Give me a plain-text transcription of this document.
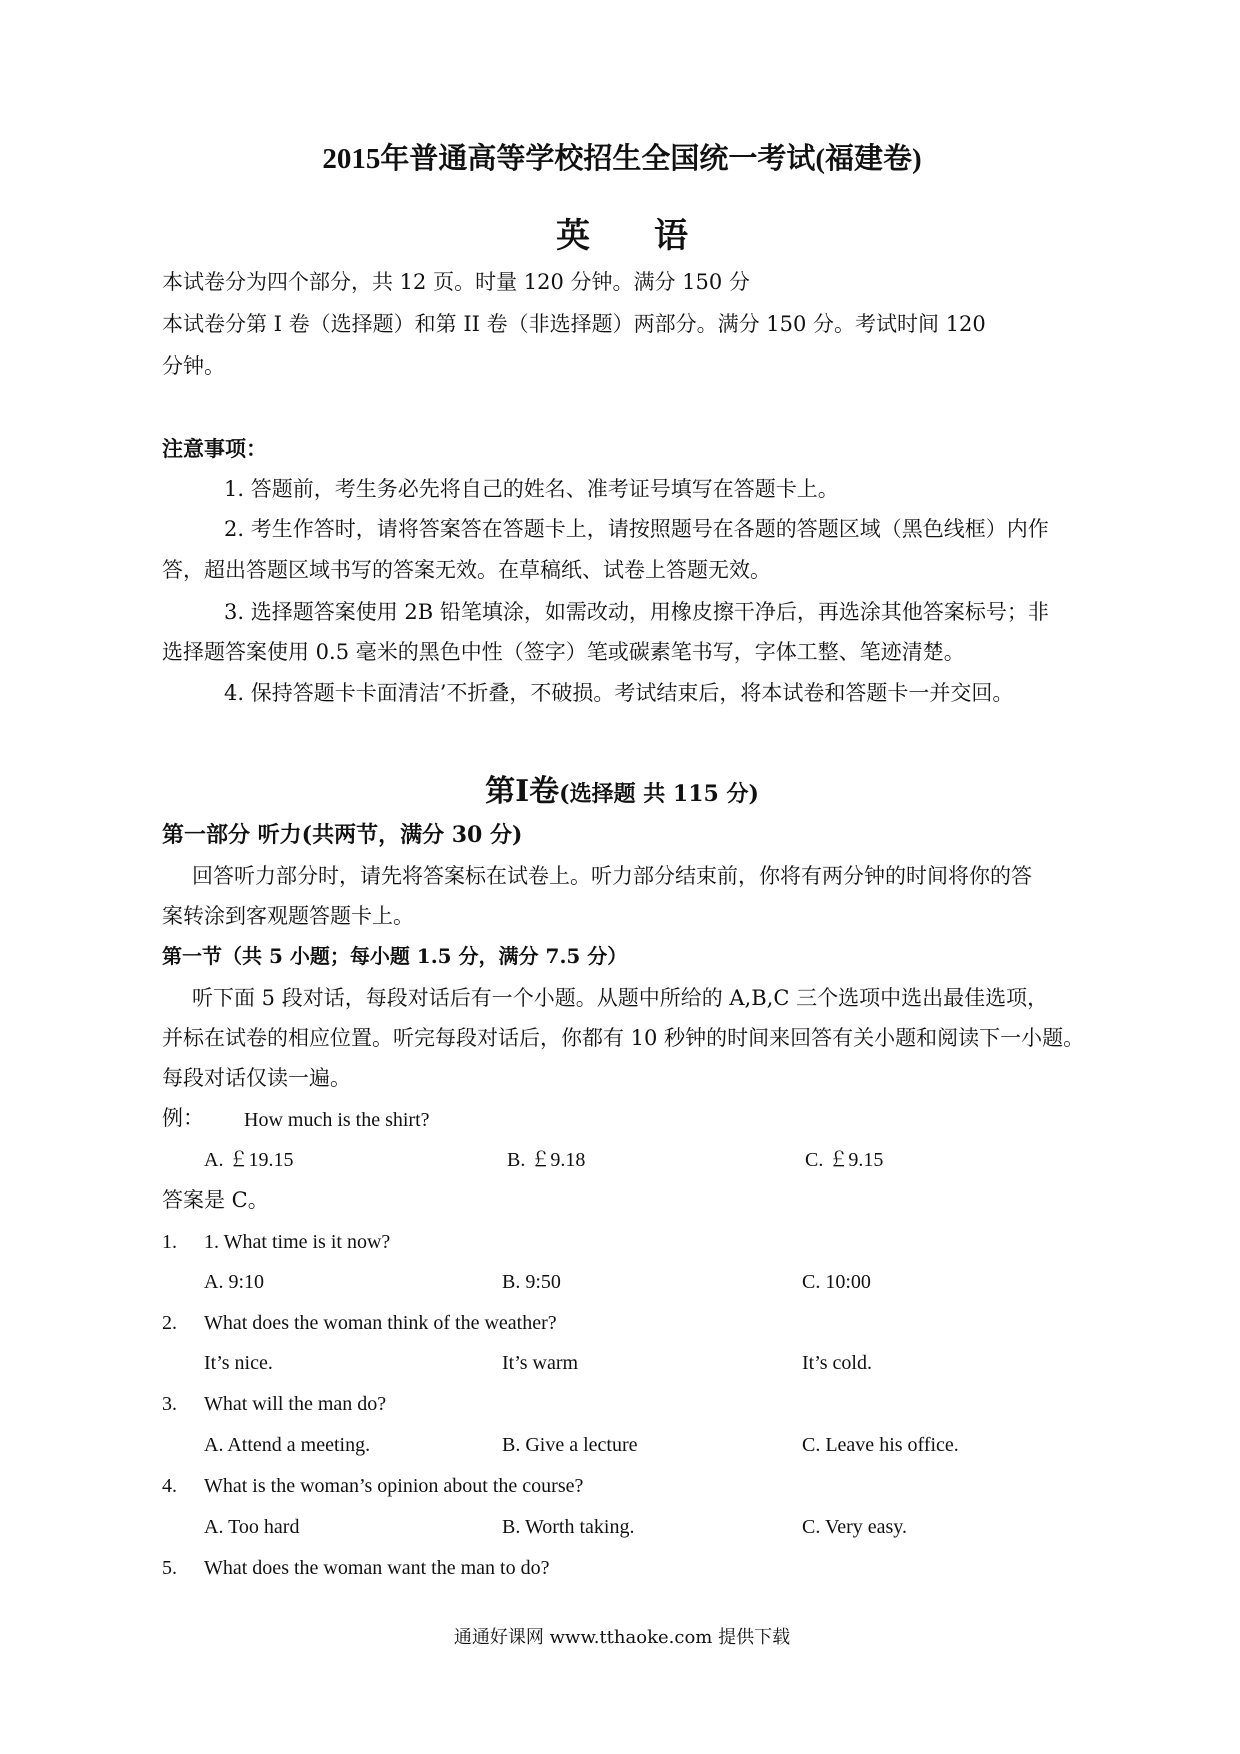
2015年普通高等学校招生全国统一考试(福建卷)
英 语
本试卷分为四个部分，共 12 页。时量 120 分钟。满分 150 分
本试卷分第 I 卷（选择题）和第 II 卷（非选择题）两部分。满分 150 分。考试时间 120
分钟。
注意事项：
1. 答题前，考生务必先将自己的姓名、准考证号填写在答题卡上。
2. 考生作答时，请将答案答在答题卡上，请按照题号在各题的答题区域（黑色线框）内作
答，超出答题区域书写的答案无效。在草稿纸、试卷上答题无效。
3. 选择题答案使用 2B 铅笔填涂，如需改动，用橡皮擦干净后，再选涂其他答案标号；非
选择题答案使用 0.5 毫米的黑色中性（签字）笔或碳素笔书写，字体工整、笔迹清楚。
4. 保持答题卡卡面清洁’不折叠，不破损。考试结束后，将本试卷和答题卡一并交回。
第I卷(选择题 共 115 分)
第一部分 听力(共两节，满分 30 分)
回答听力部分时，请先将答案标在试卷上。听力部分结束前，你将有两分钟的时间将你的答
案转涂到客观题答题卡上。
第一节（共 5 小题；每小题 1.5 分，满分 7.5 分）
听下面 5 段对话，每段对话后有一个小题。从题中所给的 A,B,C 三个选项中选出最佳选项，
并标在试卷的相应位置。听完每段对话后，你都有 10 秒钟的时间来回答有关小题和阅读下一小题。
每段对话仅读一遍。
例： How much is the shirt?
A. ￡19.15	B. ￡9.18	C. ￡9.15
答案是 C。
1. 1. What time is it now?
A. 9:10	B. 9:50	C. 10:00
2. What does the woman think of the weather?
It’s nice.	It’s warm	It’s cold.
3. What will the man do?
A. Attend a meeting.	B. Give a lecture	C. Leave his office.
4. What is the woman’s opinion about the course?
A. Too hard	B. Worth taking.	C. Very easy.
5. What does the woman want the man to do?
通通好课网 www.tthaoke.com 提供下载
